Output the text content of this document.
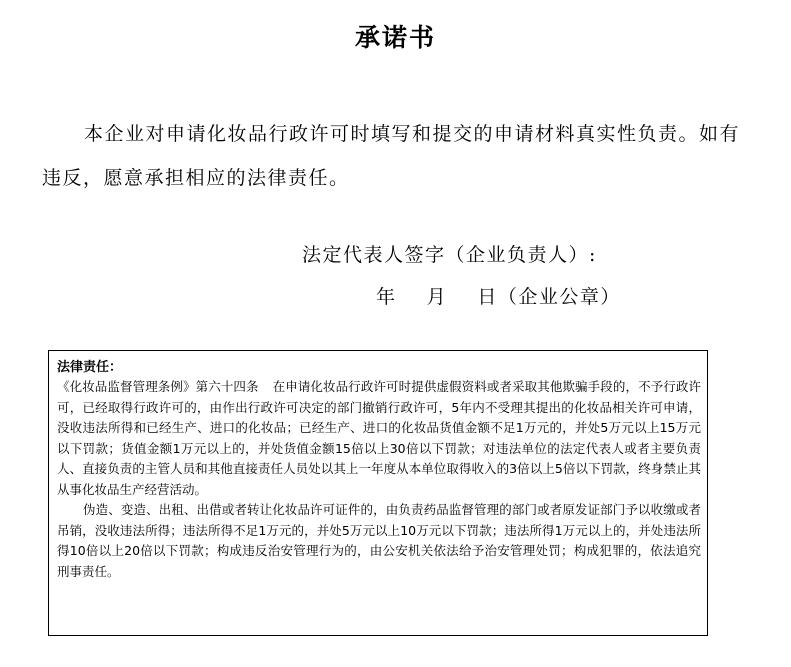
承诺书
本企业对申请化妆品行政许可时填写和提交的申请材料真实性负责。如有违反，愿意承担相应的法律责任。
法定代表人签字（企业负责人）:
年    月    日（企业公章）
法律责任：

《化妆品监督管理条例》第六十四条 在申请化妆品行政许可时提供虚假资料或者采取其他欺骗手段的，不予行政许可，已经取得行政许可的，由作出行政许可决定的部门撤销行政许可，5年内不受理其提出的化妆品相关许可申请，没收违法所得和已经生产、进口的化妆品；已经生产、进口的化妆品货值金额不足1万元的，并处5万元以上15万元以下罚款；货值金额1万元以上的，并处货值金额15倍以上30倍以下罚款；对违法单位的法定代表人或者主要负责人、直接负责的主管人员和其他直接责任人员处以其上一年度从本单位取得收入的3倍以上5倍以下罚款，终身禁止其从事化妆品生产经营活动。

伪造、变造、出租、出借或者转让化妆品许可证件的，由负责药品监督管理的部门或者原发证部门予以收缴或者吊销，没收违法所得；违法所得不足1万元的，并处5万元以上10万元以下罚款；违法所得1万元以上的，并处违法所得10倍以上20倍以下罚款；构成违反治安管理行为的，由公安机关依法给予治安管理处罚；构成犯罪的，依法追究刑事责任。
